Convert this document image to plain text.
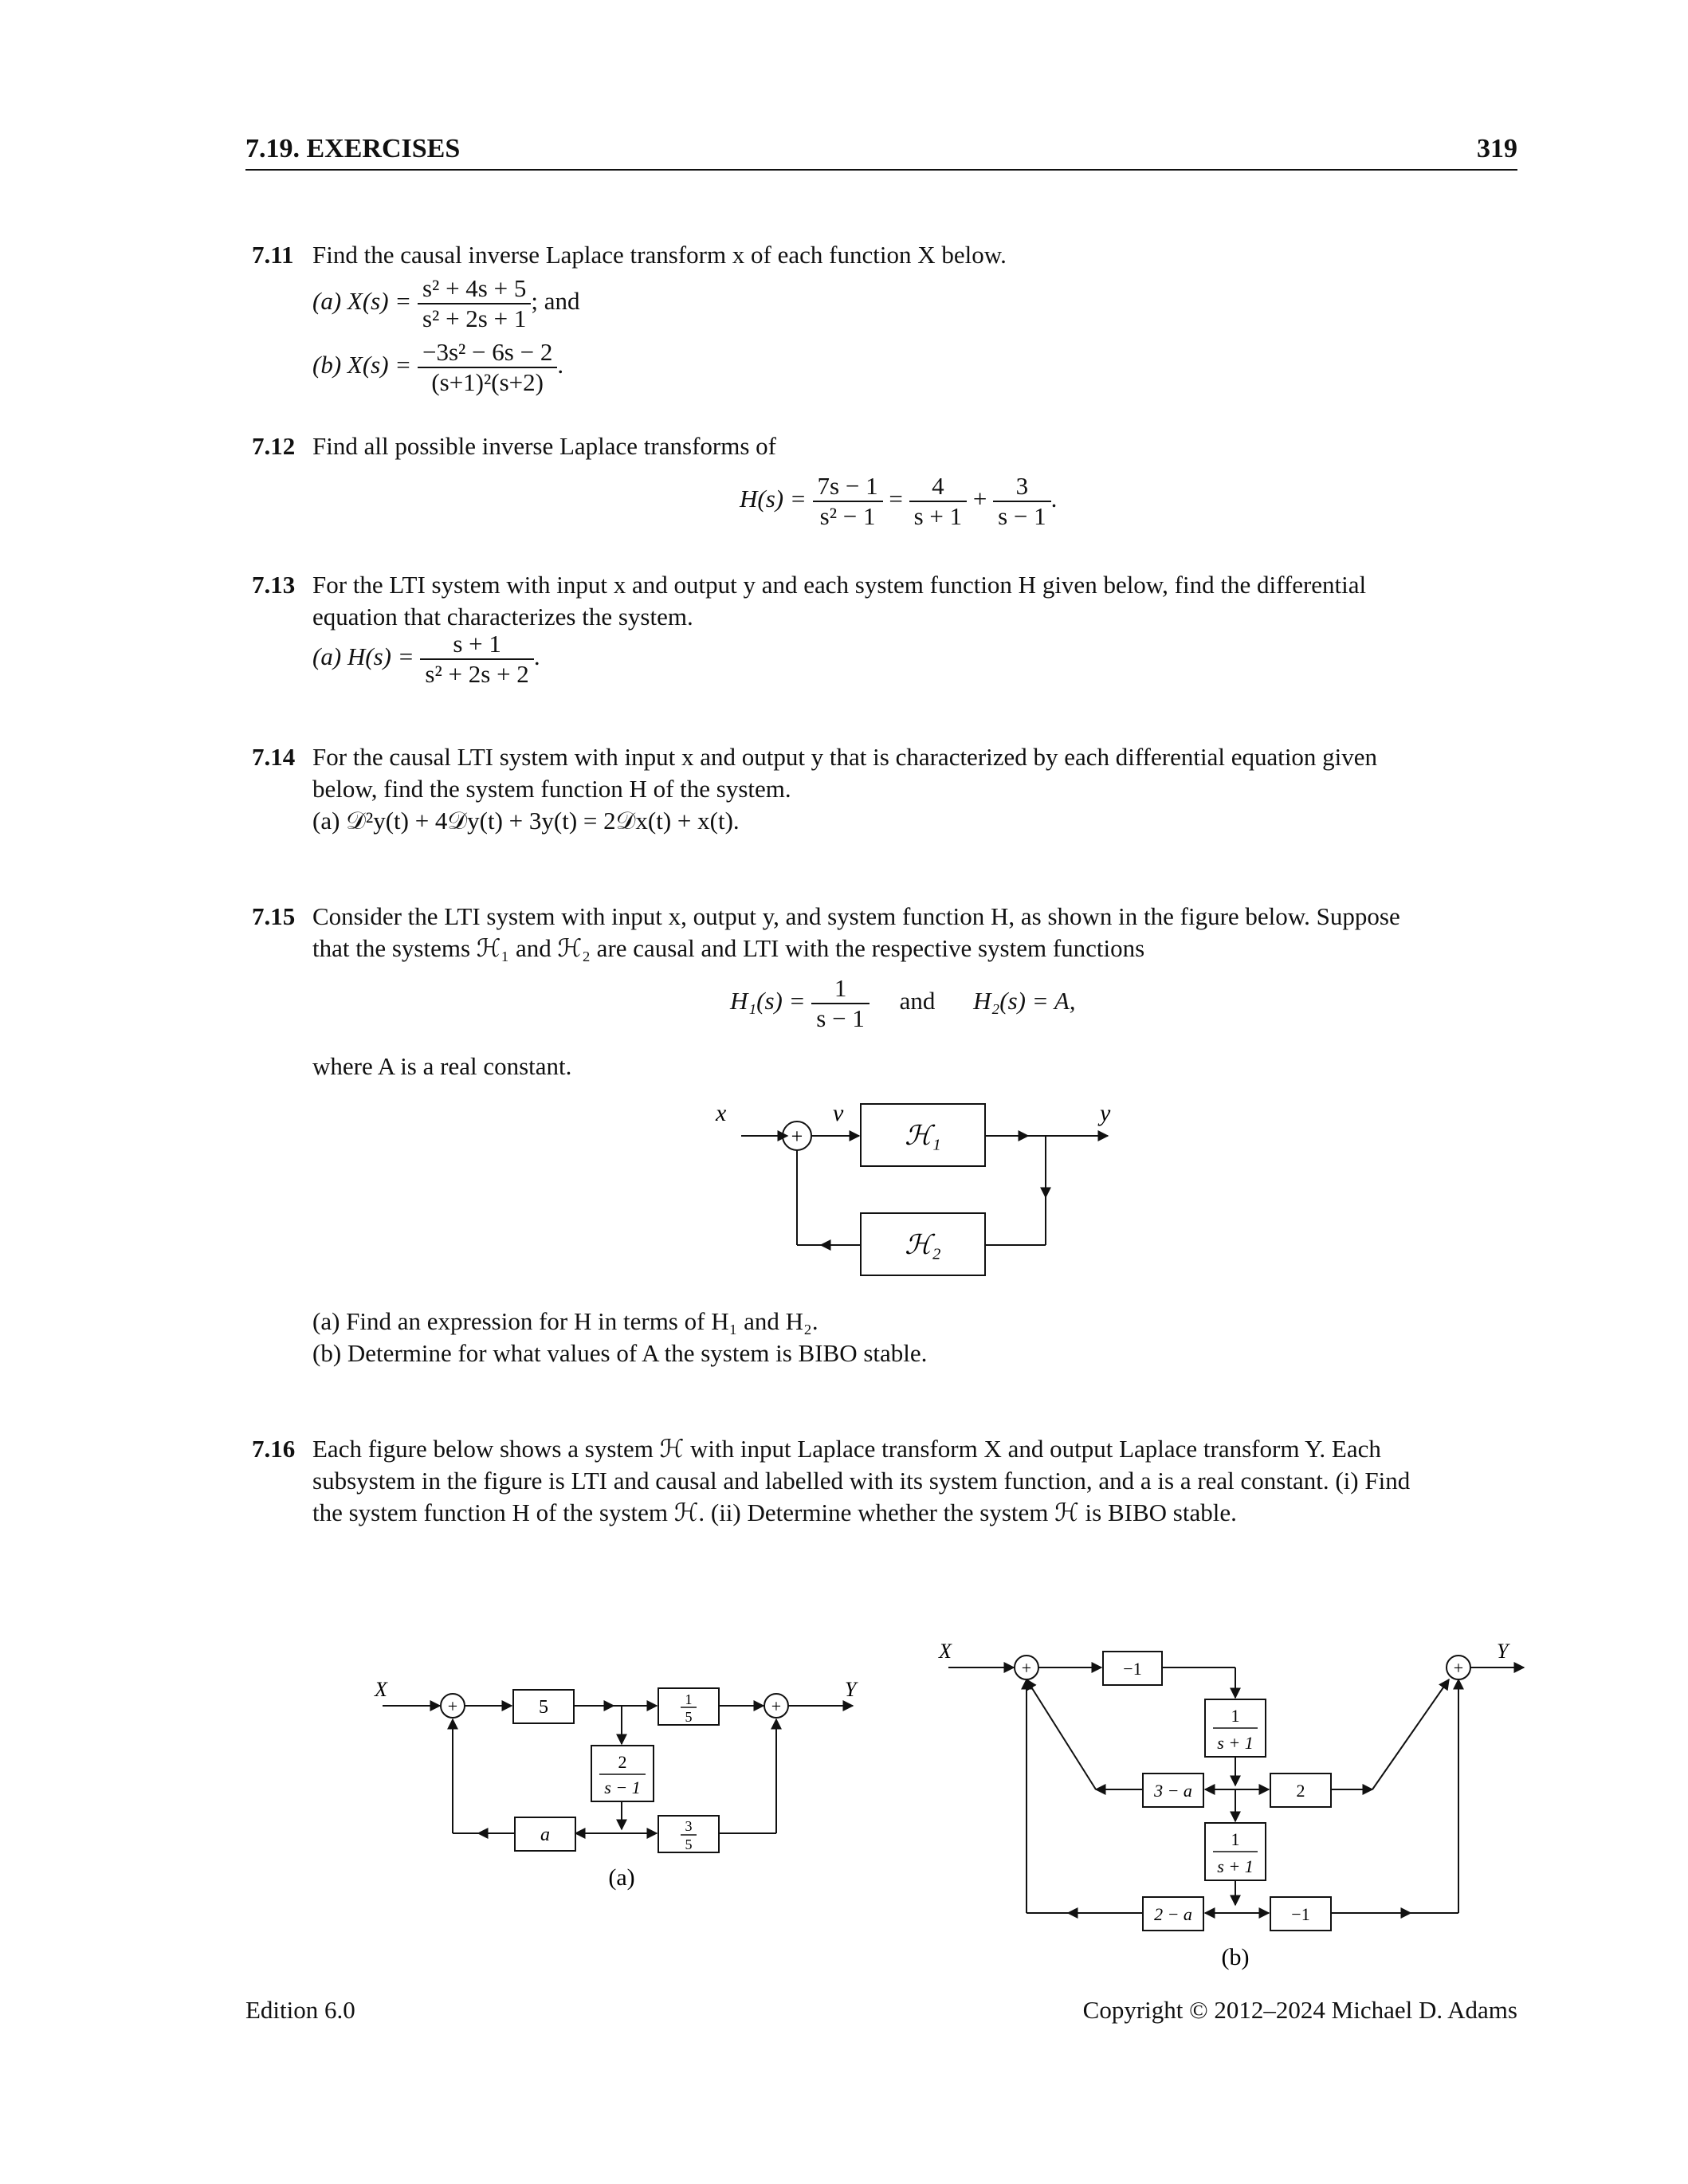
7.19. EXERCISES	319
7.11 Find the causal inverse Laplace transform x of each function X below.
(a) $X(s) = \frac{\text{s² + 4s + 5}}{\text{s² + 2s + 1}}$ ; and
(b) $X(s) = \frac{\text{−3s² − 6s − 2}}{\text{(s+1)²(s+2)}}$ .
7.12 Find all possible inverse Laplace transforms of
$H(s) = \frac{7s - 1}{\text{s² − 1}} = \frac{4}{s + 1} + \frac{3}{s - 1}$ .
7.13 For the LTI system with input x and output y and each system function H given below, find the differential
equation that characterizes the system.
(a) $H(s) = \frac{s + 1}{\text{s² + 2s + 2}}$ .
7.14 For the causal LTI system with input x and output y that is characterized by each differential equation given
below, find the system function H of the system.
(a) 𝒟²y(t) + 4𝒟y(t) + 3y(t) = 2𝒟x(t) + x(t).
7.15 Consider the LTI system with input x, output y, and system function H, as shown in the figure below. Suppose
that the systems ℋ₁ and ℋ₂ are causal and LTI with the respective system functions
$H_1(s) = \frac{1}{s - 1}$ and H₂(s) = A,
where A is a real constant.
x	v	y
+	ℋ₁
ℋ₂
(a) Find an expression for H in terms of H₁ and H₂.
(b) Determine for what values of A the system is BIBO stable.
7.16 Each figure below shows a system ℋ with input Laplace transform X and output Laplace transform Y. Each
subsystem in the figure is LTI and causal and labelled with its system function, and a is a real constant. (i) Find
the system function H of the system ℋ. (ii) Determine whether the system ℋ is BIBO stable.
X	Y
+	+
5	1
5
2
s − 1
a	3
5
(a)
X	Y
+	+
−1
1
s + 1
3 − a	2
1
s + 1
2 − a	−1
(b)
Edition 6.0	Copyright © 2012–2024 Michael D. Adams
